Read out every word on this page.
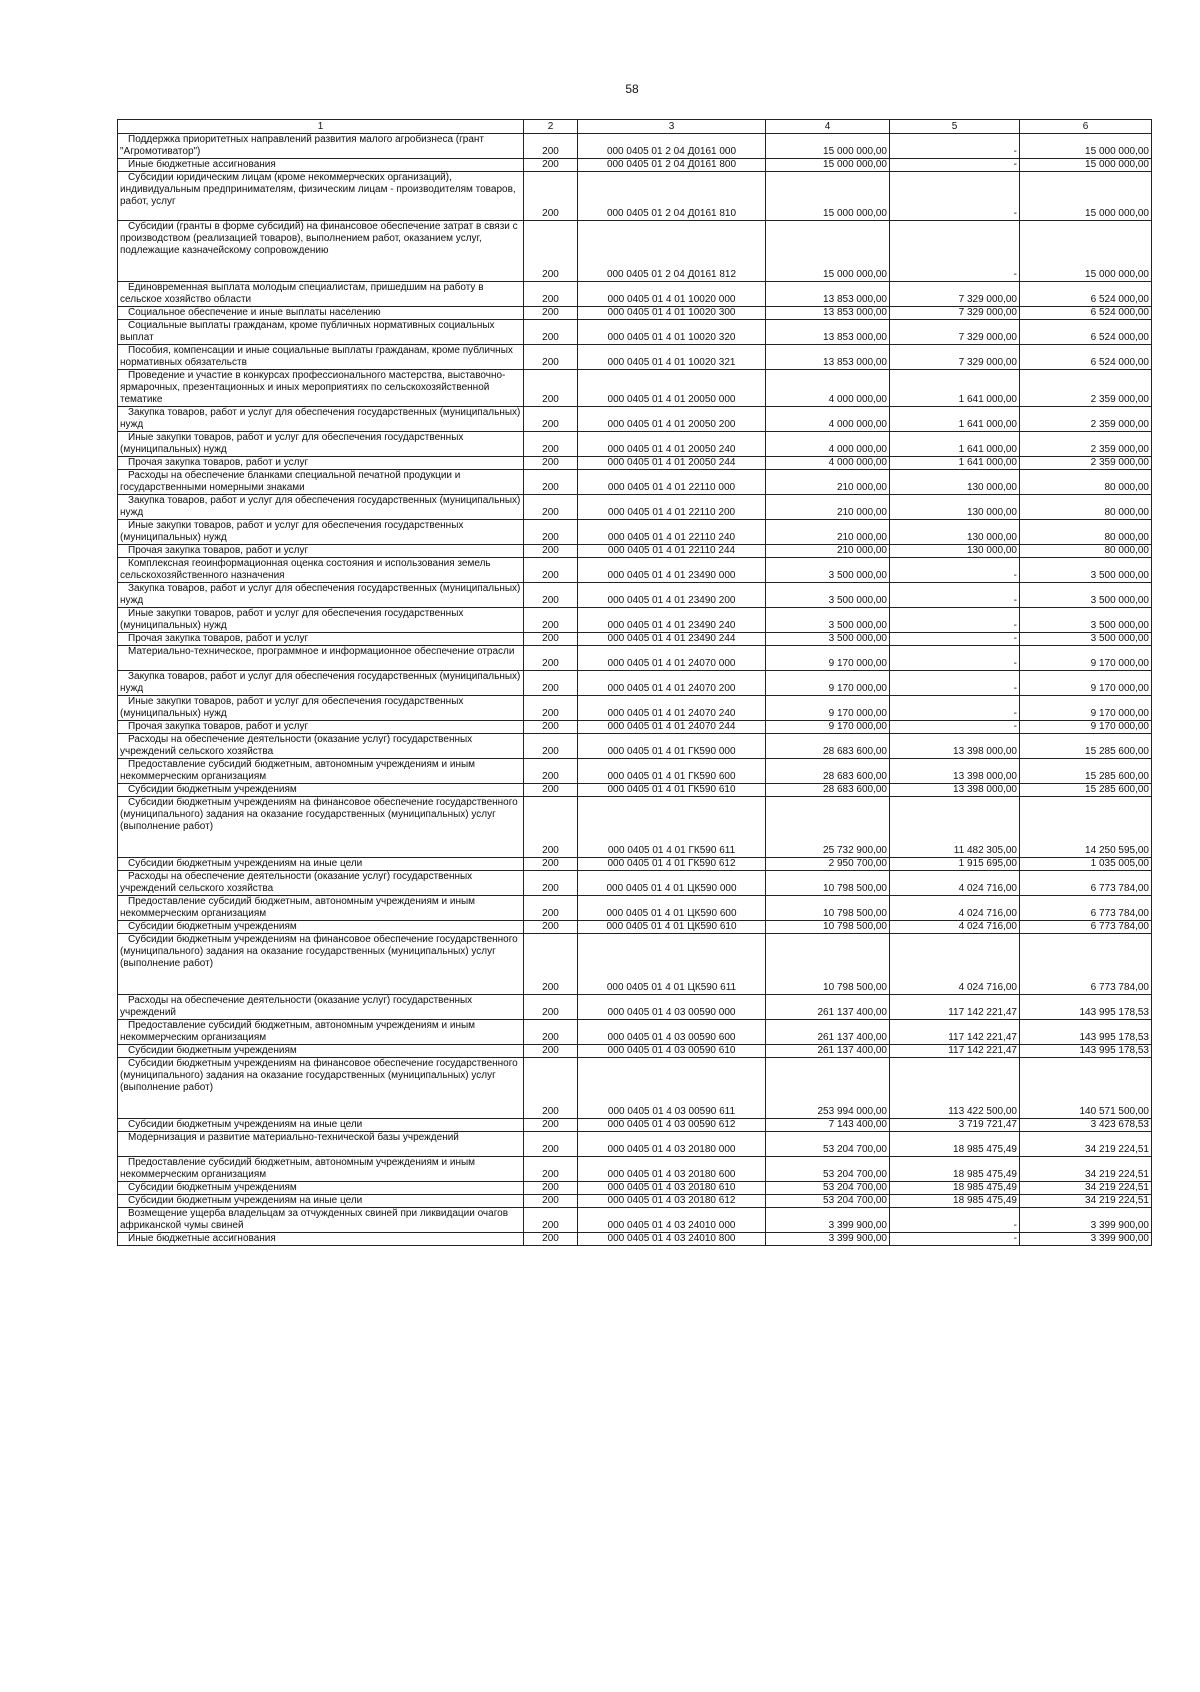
58
1	2	3	4	5	6
Поддержка приоритетных направлений развития малого агробизнеса (грант "Агромотиватор")	200	000 0405 01 2 04 Д0161 000	15 000 000,00	-	15 000 000,00
Иные бюджетные ассигнования	200	000 0405 01 2 04 Д0161 800	15 000 000,00	-	15 000 000,00
Субсидии юридическим лицам (кроме некоммерческих организаций), индивидуальным предпринимателям, физическим лицам - производителям товаров, работ, услуг	200	000 0405 01 2 04 Д0161 810	15 000 000,00	-	15 000 000,00
Субсидии (гранты в форме субсидий) на финансовое обеспечение затрат в связи с производством (реализацией товаров), выполнением работ, оказанием услуг, подлежащие казначейскому сопровождению	200	000 0405 01 2 04 Д0161 812	15 000 000,00	-	15 000 000,00
Единовременная выплата молодым специалистам, пришедшим на работу в сельское хозяйство области	200	000 0405 01 4 01 10020 000	13 853 000,00	7 329 000,00	6 524 000,00
Социальное обеспечение и иные выплаты населению	200	000 0405 01 4 01 10020 300	13 853 000,00	7 329 000,00	6 524 000,00
Социальные выплаты гражданам, кроме публичных нормативных социальных выплат	200	000 0405 01 4 01 10020 320	13 853 000,00	7 329 000,00	6 524 000,00
Пособия, компенсации и иные социальные выплаты гражданам, кроме публичных нормативных обязательств	200	000 0405 01 4 01 10020 321	13 853 000,00	7 329 000,00	6 524 000,00
Проведение и участие в конкурсах профессионального мастерства, выставочно-ярмарочных, презентационных и иных мероприятиях по сельскохозяйственной тематике	200	000 0405 01 4 01 20050 000	4 000 000,00	1 641 000,00	2 359 000,00
Закупка товаров, работ и услуг для обеспечения государственных (муниципальных) нужд	200	000 0405 01 4 01 20050 200	4 000 000,00	1 641 000,00	2 359 000,00
Иные закупки товаров, работ и услуг для обеспечения государственных (муниципальных) нужд	200	000 0405 01 4 01 20050 240	4 000 000,00	1 641 000,00	2 359 000,00
Прочая закупка товаров, работ и услуг	200	000 0405 01 4 01 20050 244	4 000 000,00	1 641 000,00	2 359 000,00
Расходы на обеспечение бланками специальной печатной продукции и государственными номерными знаками	200	000 0405 01 4 01 22110 000	210 000,00	130 000,00	80 000,00
Закупка товаров, работ и услуг для обеспечения государственных (муниципальных) нужд	200	000 0405 01 4 01 22110 200	210 000,00	130 000,00	80 000,00
Иные закупки товаров, работ и услуг для обеспечения государственных (муниципальных) нужд	200	000 0405 01 4 01 22110 240	210 000,00	130 000,00	80 000,00
Прочая закупка товаров, работ и услуг	200	000 0405 01 4 01 22110 244	210 000,00	130 000,00	80 000,00
Комплексная геоинформационная оценка состояния и использования земель сельскохозяйственного назначения	200	000 0405 01 4 01 23490 000	3 500 000,00	-	3 500 000,00
Закупка товаров, работ и услуг для обеспечения государственных (муниципальных) нужд	200	000 0405 01 4 01 23490 200	3 500 000,00	-	3 500 000,00
Иные закупки товаров, работ и услуг для обеспечения государственных (муниципальных) нужд	200	000 0405 01 4 01 23490 240	3 500 000,00	-	3 500 000,00
Прочая закупка товаров, работ и услуг	200	000 0405 01 4 01 23490 244	3 500 000,00	-	3 500 000,00
Материально-техническое, программное и информационное обеспечение отрасли	200	000 0405 01 4 01 24070 000	9 170 000,00	-	9 170 000,00
Закупка товаров, работ и услуг для обеспечения государственных (муниципальных) нужд	200	000 0405 01 4 01 24070 200	9 170 000,00	-	9 170 000,00
Иные закупки товаров, работ и услуг для обеспечения государственных (муниципальных) нужд	200	000 0405 01 4 01 24070 240	9 170 000,00	-	9 170 000,00
Прочая закупка товаров, работ и услуг	200	000 0405 01 4 01 24070 244	9 170 000,00	-	9 170 000,00
Расходы на обеспечение деятельности (оказание услуг) государственных учреждений сельского хозяйства	200	000 0405 01 4 01 ГК590 000	28 683 600,00	13 398 000,00	15 285 600,00
Предоставление субсидий бюджетным, автономным учреждениям и иным некоммерческим организациям	200	000 0405 01 4 01 ГК590 600	28 683 600,00	13 398 000,00	15 285 600,00
Субсидии бюджетным учреждениям	200	000 0405 01 4 01 ГК590 610	28 683 600,00	13 398 000,00	15 285 600,00
Субсидии бюджетным учреждениям на финансовое обеспечение государственного (муниципального) задания на оказание государственных (муниципальных) услуг (выполнение работ)	200	000 0405 01 4 01 ГК590 611	25 732 900,00	11 482 305,00	14 250 595,00
Субсидии бюджетным учреждениям на иные цели	200	000 0405 01 4 01 ГК590 612	2 950 700,00	1 915 695,00	1 035 005,00
Расходы на обеспечение деятельности (оказание услуг) государственных учреждений сельского хозяйства	200	000 0405 01 4 01 ЦК590 000	10 798 500,00	4 024 716,00	6 773 784,00
Предоставление субсидий бюджетным, автономным учреждениям и иным некоммерческим организациям	200	000 0405 01 4 01 ЦК590 600	10 798 500,00	4 024 716,00	6 773 784,00
Субсидии бюджетным учреждениям	200	000 0405 01 4 01 ЦК590 610	10 798 500,00	4 024 716,00	6 773 784,00
Субсидии бюджетным учреждениям на финансовое обеспечение государственного (муниципального) задания на оказание государственных (муниципальных) услуг (выполнение работ)	200	000 0405 01 4 01 ЦК590 611	10 798 500,00	4 024 716,00	6 773 784,00
Расходы на обеспечение деятельности (оказание услуг) государственных учреждений	200	000 0405 01 4 03 00590 000	261 137 400,00	117 142 221,47	143 995 178,53
Предоставление субсидий бюджетным, автономным учреждениям и иным некоммерческим организациям	200	000 0405 01 4 03 00590 600	261 137 400,00	117 142 221,47	143 995 178,53
Субсидии бюджетным учреждениям	200	000 0405 01 4 03 00590 610	261 137 400,00	117 142 221,47	143 995 178,53
Субсидии бюджетным учреждениям на финансовое обеспечение государственного (муниципального) задания на оказание государственных (муниципальных) услуг (выполнение работ)	200	000 0405 01 4 03 00590 611	253 994 000,00	113 422 500,00	140 571 500,00
Субсидии бюджетным учреждениям на иные цели	200	000 0405 01 4 03 00590 612	7 143 400,00	3 719 721,47	3 423 678,53
Модернизация и развитие материально-технической базы учреждений	200	000 0405 01 4 03 20180 000	53 204 700,00	18 985 475,49	34 219 224,51
Предоставление субсидий бюджетным, автономным учреждениям и иным некоммерческим организациям	200	000 0405 01 4 03 20180 600	53 204 700,00	18 985 475,49	34 219 224,51
Субсидии бюджетным учреждениям	200	000 0405 01 4 03 20180 610	53 204 700,00	18 985 475,49	34 219 224,51
Субсидии бюджетным учреждениям на иные цели	200	000 0405 01 4 03 20180 612	53 204 700,00	18 985 475,49	34 219 224,51
Возмещение ущерба владельцам за отчужденных свиней при ликвидации очагов африканской чумы свиней	200	000 0405 01 4 03 24010 000	3 399 900,00	-	3 399 900,00
Иные бюджетные ассигнования	200	000 0405 01 4 03 24010 800	3 399 900,00	-	3 399 900,00
